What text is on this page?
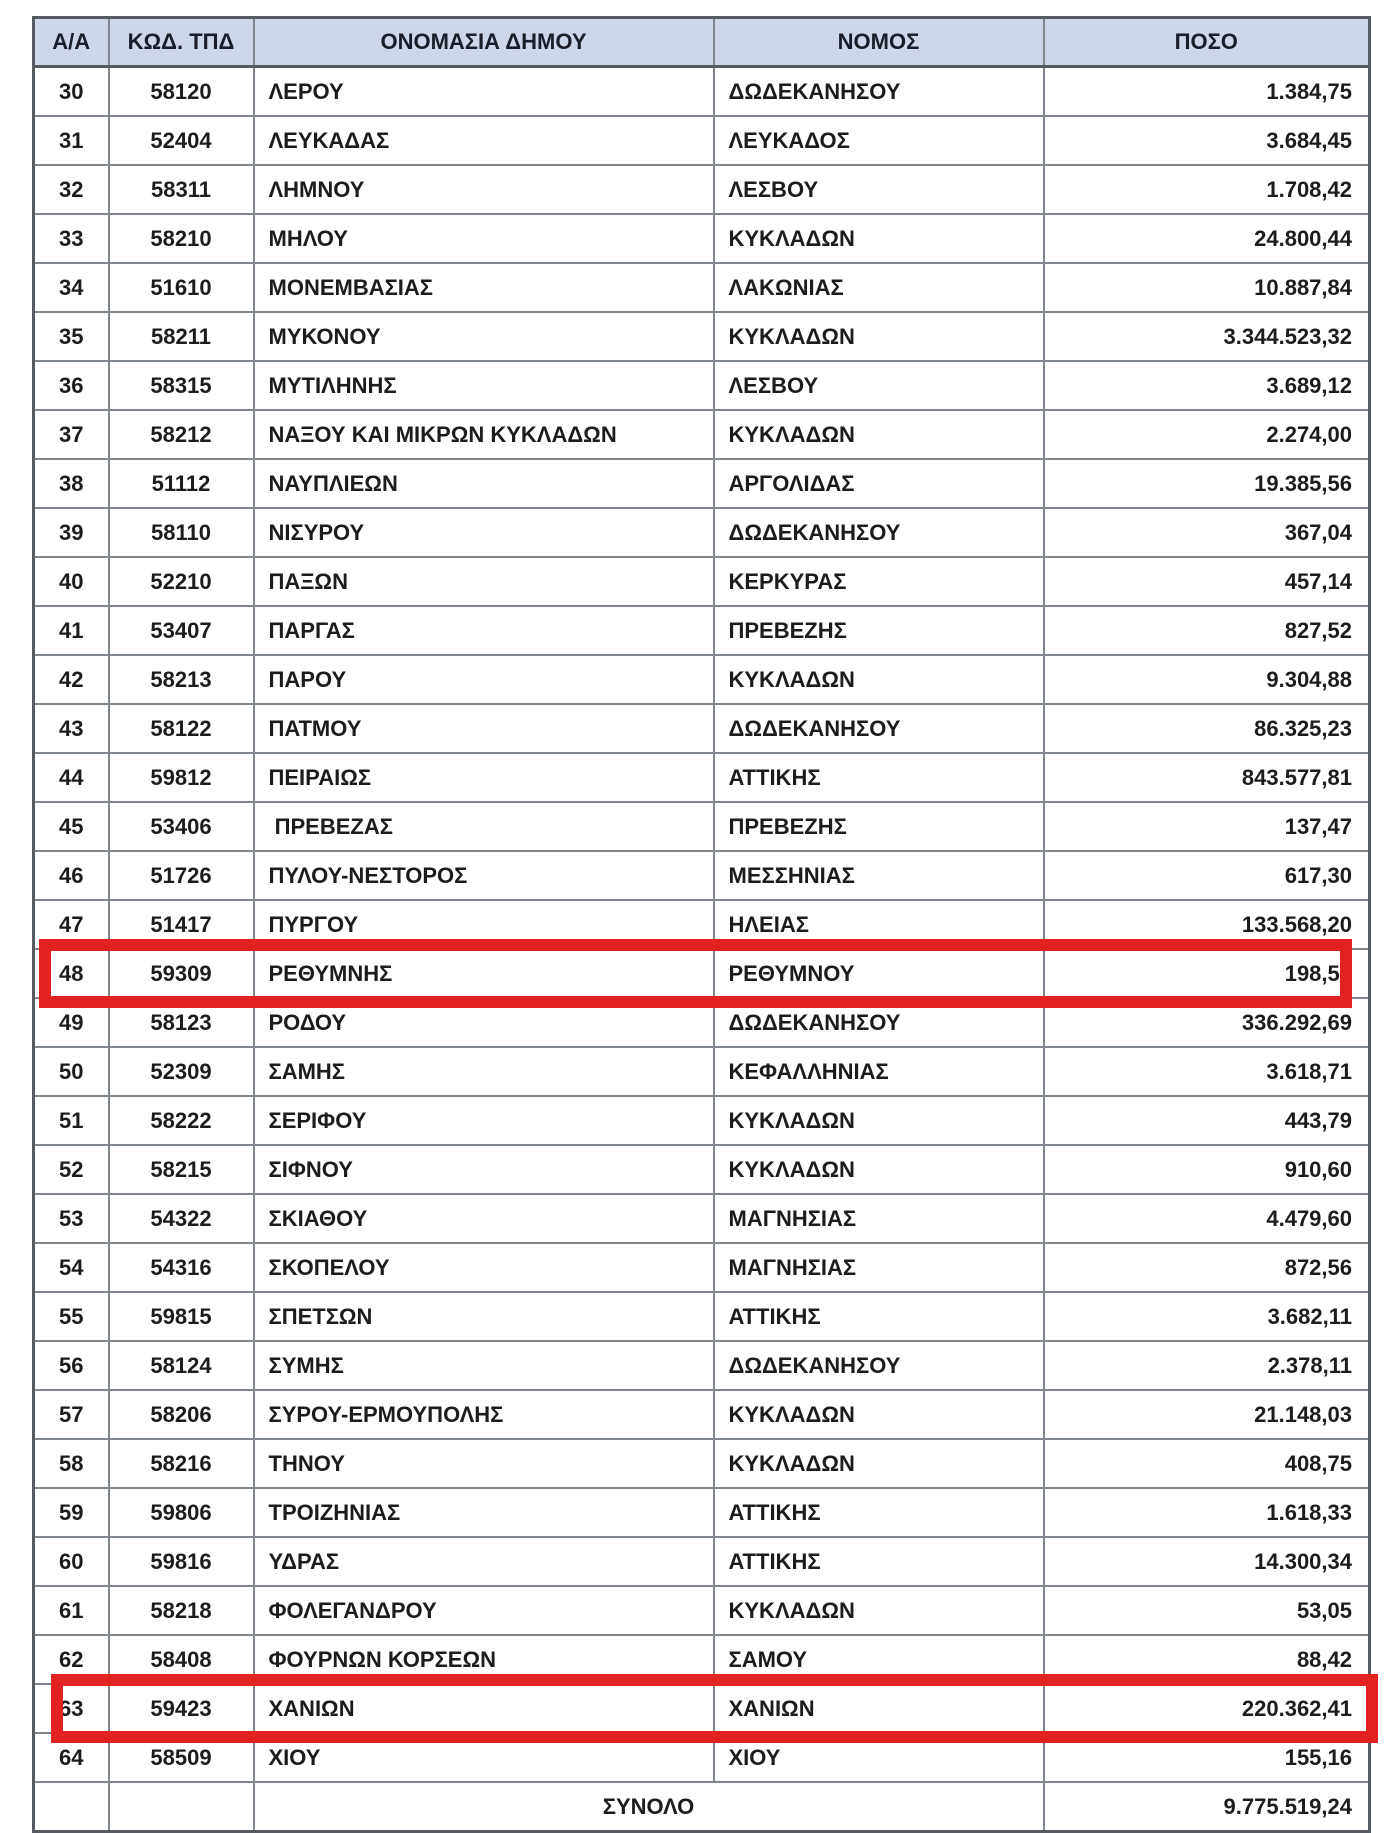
Α/Α	ΚΩΔ. ΤΠΔ	ΟΝΟΜΑΣΙΑ ΔΗΜΟΥ	ΝΟΜΟΣ	ΠΟΣΟ
30	58120	ΛΕΡΟΥ	ΔΩΔΕΚΑΝΗΣΟΥ	1.384,75
31	52404	ΛΕΥΚΑΔΑΣ	ΛΕΥΚΑΔΟΣ	3.684,45
32	58311	ΛΗΜΝΟΥ	ΛΕΣΒΟΥ	1.708,42
33	58210	ΜΗΛΟΥ	ΚΥΚΛΑΔΩΝ	24.800,44
34	51610	ΜΟΝΕΜΒΑΣΙΑΣ	ΛΑΚΩΝΙΑΣ	10.887,84
35	58211	ΜΥΚΟΝΟΥ	ΚΥΚΛΑΔΩΝ	3.344.523,32
36	58315	ΜΥΤΙΛΗΝΗΣ	ΛΕΣΒΟΥ	3.689,12
37	58212	ΝΑΞΟΥ ΚΑΙ ΜΙΚΡΩΝ ΚΥΚΛΑΔΩΝ	ΚΥΚΛΑΔΩΝ	2.274,00
38	51112	ΝΑΥΠΛΙΕΩΝ	ΑΡΓΟΛΙΔΑΣ	19.385,56
39	58110	ΝΙΣΥΡΟΥ	ΔΩΔΕΚΑΝΗΣΟΥ	367,04
40	52210	ΠΑΞΩΝ	ΚΕΡΚΥΡΑΣ	457,14
41	53407	ΠΑΡΓΑΣ	ΠΡΕΒΕΖΗΣ	827,52
42	58213	ΠΑΡΟΥ	ΚΥΚΛΑΔΩΝ	9.304,88
43	58122	ΠΑΤΜΟΥ	ΔΩΔΕΚΑΝΗΣΟΥ	86.325,23
44	59812	ΠΕΙΡΑΙΩΣ	ΑΤΤΙΚΗΣ	843.577,81
45	53406	ΠΡΕΒΕΖΑΣ	ΠΡΕΒΕΖΗΣ	137,47
46	51726	ΠΥΛΟΥ-ΝΕΣΤΟΡΟΣ	ΜΕΣΣΗΝΙΑΣ	617,30
47	51417	ΠΥΡΓΟΥ	ΗΛΕΙΑΣ	133.568,20
48	59309	ΡΕΘΥΜΝΗΣ	ΡΕΘΥΜΝΟΥ	198,54
49	58123	ΡΟΔΟΥ	ΔΩΔΕΚΑΝΗΣΟΥ	336.292,69
50	52309	ΣΑΜΗΣ	ΚΕΦΑΛΛΗΝΙΑΣ	3.618,71
51	58222	ΣΕΡΙΦΟΥ	ΚΥΚΛΑΔΩΝ	443,79
52	58215	ΣΙΦΝΟΥ	ΚΥΚΛΑΔΩΝ	910,60
53	54322	ΣΚΙΑΘΟΥ	ΜΑΓΝΗΣΙΑΣ	4.479,60
54	54316	ΣΚΟΠΕΛΟΥ	ΜΑΓΝΗΣΙΑΣ	872,56
55	59815	ΣΠΕΤΣΩΝ	ΑΤΤΙΚΗΣ	3.682,11
56	58124	ΣΥΜΗΣ	ΔΩΔΕΚΑΝΗΣΟΥ	2.378,11
57	58206	ΣΥΡΟΥ-ΕΡΜΟΥΠΟΛΗΣ	ΚΥΚΛΑΔΩΝ	21.148,03
58	58216	ΤΗΝΟΥ	ΚΥΚΛΑΔΩΝ	408,75
59	59806	ΤΡΟΙΖΗΝΙΑΣ	ΑΤΤΙΚΗΣ	1.618,33
60	59816	ΥΔΡΑΣ	ΑΤΤΙΚΗΣ	14.300,34
61	58218	ΦΟΛΕΓΑΝΔΡΟΥ	ΚΥΚΛΑΔΩΝ	53,05
62	58408	ΦΟΥΡΝΩΝ ΚΟΡΣΕΩΝ	ΣΑΜΟΥ	88,42
63	59423	ΧΑΝΙΩΝ	ΧΑΝΙΩΝ	220.362,41
64	58509	ΧΙΟΥ	ΧΙΟΥ	155,16
		ΣΥΝΟΛΟ		9.775.519,24
